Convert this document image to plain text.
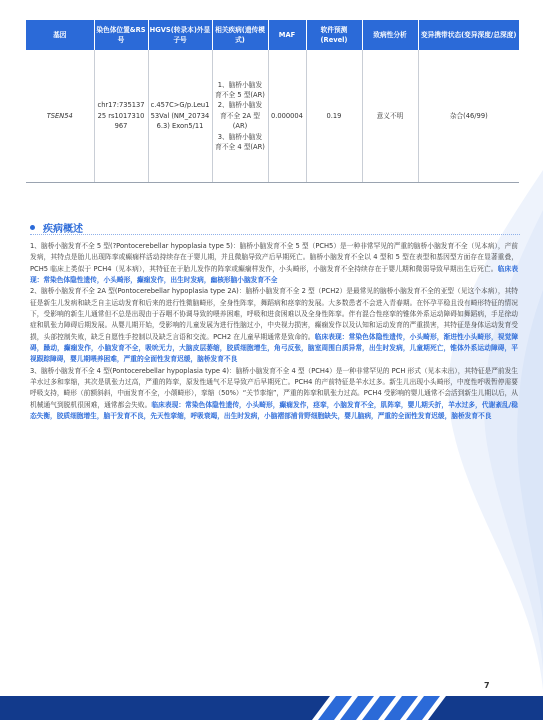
基因	染色体位置&RS 号	HGVS(转录本)外显子号	相关疾病(遗传模式)	MAF	软件预测(Revel)	致病性分析	变异携带状态(变异深度/总深度)
TSEN54	chr17:73513725 rs1017310967	c.457C>G/p.Leu153Val (NM_207346.3) Exon5/11	1、脑桥小脑发育不全 5 型(AR)
2、脑桥小脑发育不全 2A 型(AR)
3、脑桥小脑发育不全 4 型(AR)	0.000004	0.19	意义不明	杂合(46/99)
疾病概述

1、脑桥小脑发育不全 5 型(?Pontocerebellar hypoplasia type 5)：脑桥小脑发育不全 5 型（PCH5）是一种非常罕见的严重的脑桥小脑发育不全（见本病），产前发病，其特点是胎儿出现阵挛或癫痫样活动持续存在于婴儿期，并且微脑导致产后早期死亡。脑桥小脑发育不全以 4 型和 5 型在表型和基因型方面存在显著重叠，PCH5 临床上类似于 PCH4（见本病），其特征在于胎儿发作的阵挛或癫痫样发作，小头畸形，小脑发育不全持续存在于婴儿期和微弱导致早期出生后死亡。临床表现：常染色体隐性遗传，小头畸形，癫痫发作，出生时发病，幽核形脑小脑发育不全

2、脑桥小脑发育不全 2A 型(Pontocerebellar hypoplasia type 2A)：脑桥小脑发育不全 2 型（PCH2）是最常见的脑桥小脑发育不全的亚型（见这个本病），其特征是新生儿发病和缺乏自主运动发育和后来的进行性微脑畸形，全身性阵挛，舞蹈病和痉挛的发展。大多数患者不会进入青春期。在怀孕平稳且没有畸形特征的情况下，受影响的新生儿通常但不总是出现由于吞咽不协调导致的喂养困难，呼吸和进食困难以及全身性阵挛。伴有混合性痉挛的锥体外系运动障碍如舞蹈病，手足徐动症和肌张力障碍后期发展。从婴儿期开始，受影响的儿童发展为进行性脑过小，中央视力损害，癫痫发作以及认知和运动发育的严重损害，其特征是身体运动发育受损，头部控制失败，缺乏自愿性手控制以及缺乏言语和交流。PCH2 在儿童早期通常是致命的。临床表现：常染色体隐性遗传，小头畸形，渐进性小头畸形，视觉障碍，躁动，癫痫发作，小脑发育不全，吸吮无力，大脑皮层萎缩，胶质细胞增生，角弓反张，脑室周围白质异常，出生时发病，儿童期死亡，锥体外系运动障碍，平视跟踪障碍，婴儿期喂养困难，严重的全面性发育迟缓，脑桥发育不良

3、脑桥小脑发育不全 4 型(Pontocerebellar hypoplasia type 4)：脑桥小脑发育不全 4 型（PCH4）是一种非常罕见的 PCH 形式（见本未出），其特征是严前发生羊水过多和挛缩，其次是肌张力过高，严重的阵挛，原发性通气不足导致产后早期死亡。PCH4 的产前特征是羊水过多。新生儿出现小头畸形，中度性呼吸暂停需要呼吸支持，畸形（前额斜斜，中面发育不全，小颌畸形），挛缩（50%）“关节挛缩”，严重的阵挛和肌张力过高。PCH4 受影响的婴儿通常不会活到新生儿期以后，从机械通气到脱机很困难，通常都会失败。临床表现：常染色体隐性遗传，小头畸形，癫痫发作，痉挛，小脑发育不全，肌阵挛，婴儿期夭折，羊水过多，代谢紊乱/稳态失衡，胶质细胞增生，脑干发育不良，先天性挛缩，呼吸衰竭，出生时发病，小脑褶部浦肯野细胞缺失，婴儿脑病，严重的全面性发育迟缓，脑桥发育不良

7
